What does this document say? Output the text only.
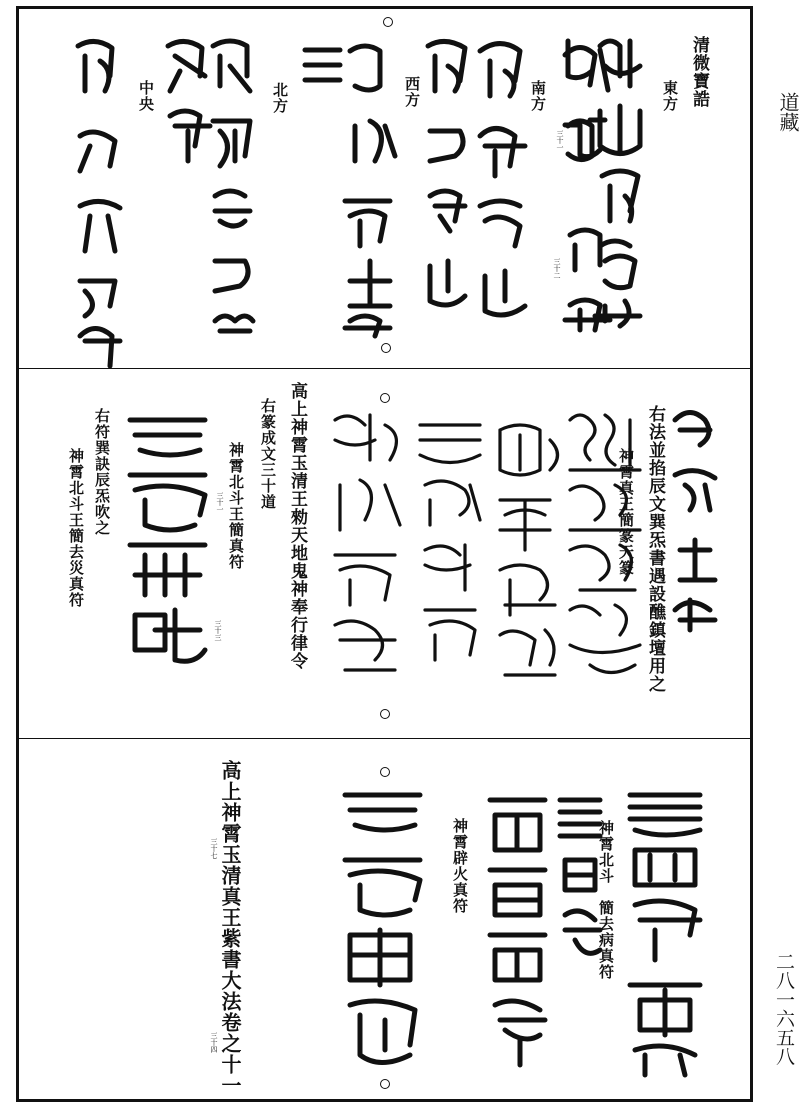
道藏
二八一六五八
清微寶誥
東方
南方
西方
北方
中央
三十一
三十二
右法並掐辰文巽炁書遇設醮鎮壇用之
神霄真王簡篆天篆
高上神霄玉清王勑天地鬼神奉行律令
右篆成文三十道
神霄北斗王簡真符
右符巽訣辰炁吹之
神霄北斗王簡去災真符	三十一
三十三
神霄北斗　簡去病真符
神霄辟火真符
高上神霄玉清真王紫書大法卷之十一
三十七
三十四
